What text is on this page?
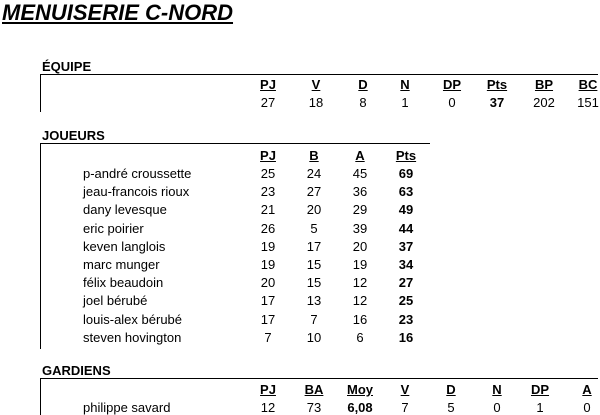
MENUISERIE C-NORD
ÉQUIPE
PJ	V	D	N	DP	Pts	BP	BC
27	18	8	1	0	37	202	151
JOUEURS
PJ	B	A	Pts
p-andré croussette	25	24	45	69
jeau-francois rioux	23	27	36	63
dany levesque	21	20	29	49
eric poirier	26	5	39	44
keven langlois	19	17	20	37
marc munger	19	15	19	34
félix beaudoin	20	15	12	27
joel bérubé	17	13	12	25
louis-alex bérubé	17	7	16	23
steven hovington	7	10	6	16
GARDIENS
PJ	BA	Moy	V	D	N	DP	A
philippe savard	12	73	6,08	7	5	0	1	0
